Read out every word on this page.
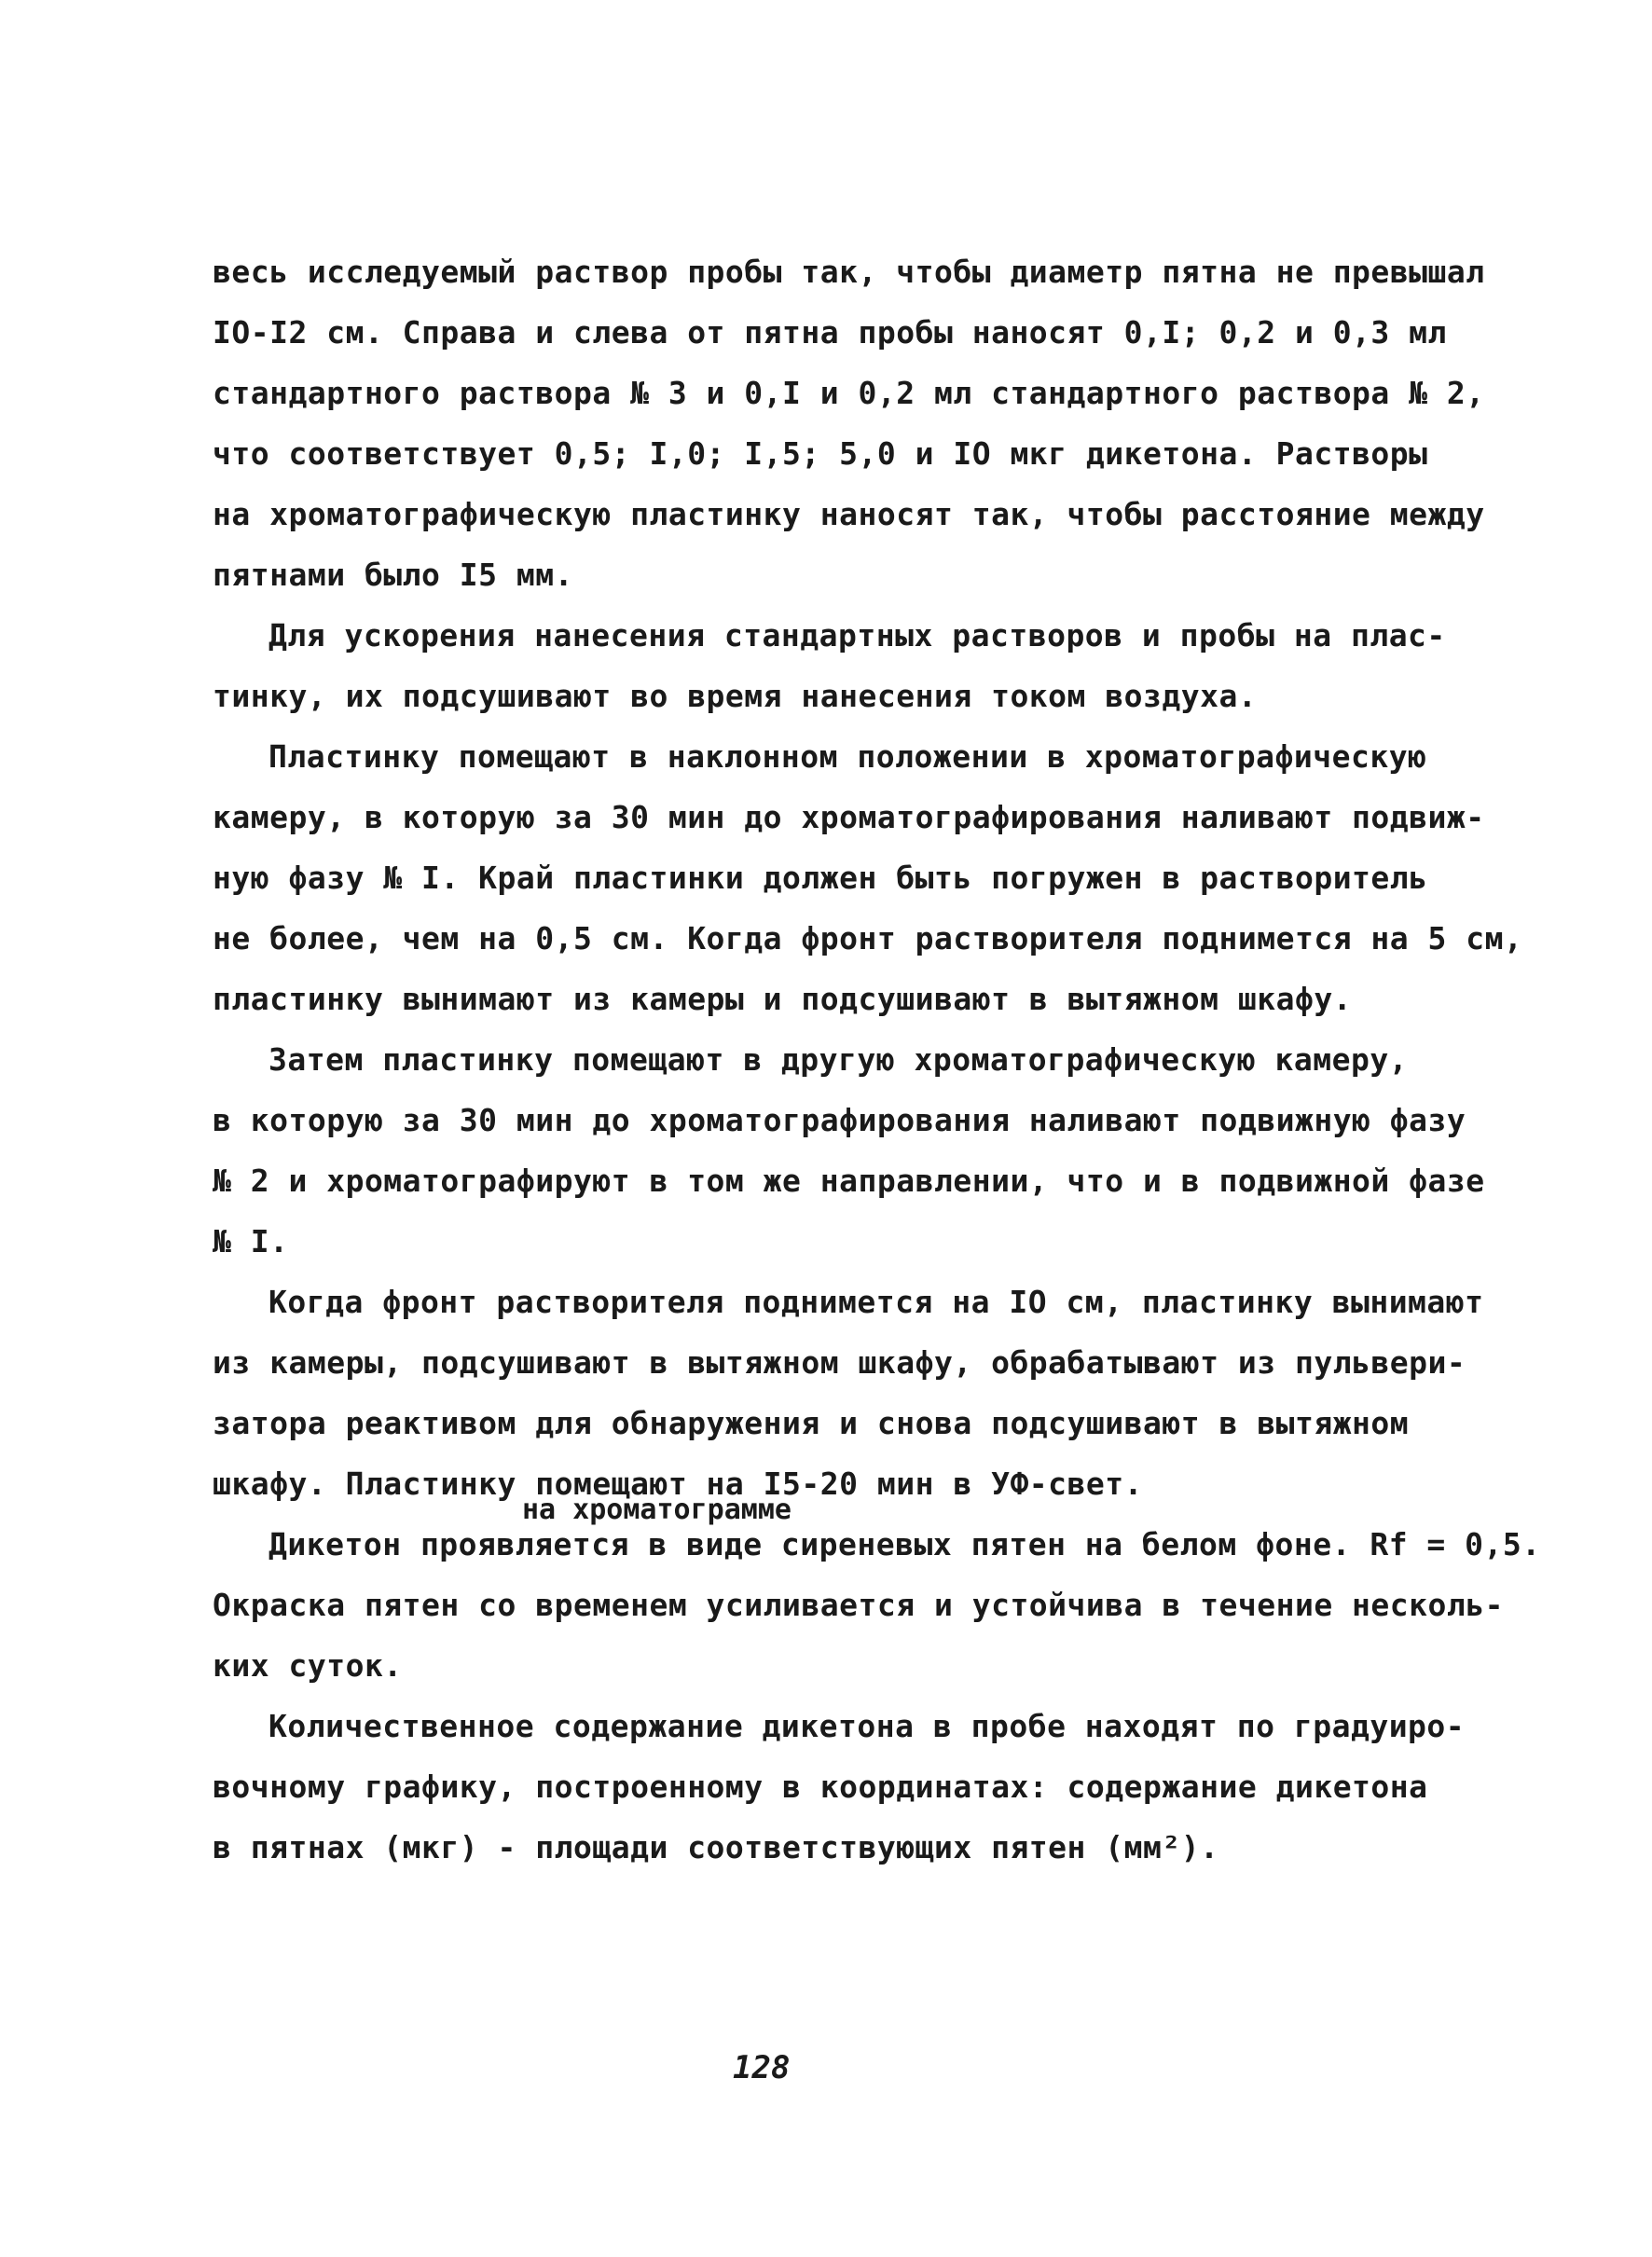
весь исследуемый раствор пробы так, чтобы диаметр пятна не превышал
IO-I2 см. Справа и слева от пятна пробы наносят 0,I; 0,2 и 0,3 мл
стандартного раствора № 3 и 0,I и 0,2 мл стандартного раствора № 2,
что соответствует 0,5; I,0; I,5; 5,0 и IO мкг дикетона. Растворы
на хроматографическую пластинку наносят так, чтобы расстояние между
пятнами было I5 мм.
Для ускорения нанесения стандартных растворов и пробы на плас-
тинку, их подсушивают во время нанесения током воздуха.
Пластинку помещают в наклонном положении в хроматографическую
камеру, в которую за 30 мин до хроматографирования наливают подвиж-
ную фазу № I. Край пластинки должен быть погружен в растворитель
не более, чем на 0,5 см. Когда фронт растворителя поднимется на 5 см,
пластинку вынимают из камеры и подсушивают в вытяжном шкафу.
Затем пластинку помещают в другую хроматографическую камеру,
в которую за 30 мин до хроматографирования наливают подвижную фазу
№ 2 и хроматографируют в том же направлении, что и в подвижной фазе
№ I.
Когда фронт растворителя поднимется на IO см, пластинку вынимают
из камеры, подсушивают в вытяжном шкафу, обрабатывают из пульвери-
затора реактивом для обнаружения и снова подсушивают в вытяжном
шкафу. Пластинку помещают на I5-20 мин в УФ-свет.
на хроматограмме
Дикетон проявляется в виде сиреневых пятен на белом фоне. Rf = 0,5.
Окраска пятен со временем усиливается и устойчива в течение несколь-
ких суток.
Количественное содержание дикетона в пробе находят по градуиро-
вочному графику, построенному в координатах: содержание дикетона
в пятнах (мкг) - площади соответствующих пятен (мм²).
128
